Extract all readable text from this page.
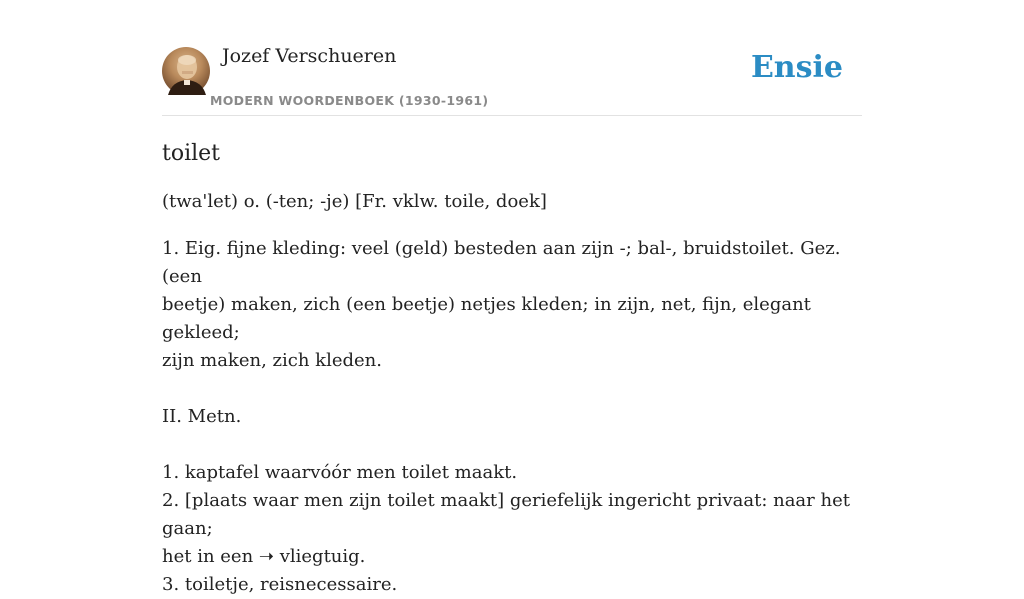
Jozef Verschueren
MODERN WOORDENBOEK (1930-1961)
Ensie
toilet

(twa'let) o. (-ten; -je) [Fr. vklw. toile, doek]

1. Eig. fijne kleding: veel (geld) besteden aan zijn -; bal-, bruidstoilet. Gez. (een

beetje) maken, zich (een beetje) netjes kleden; in zijn, net, fijn, elegant gekleed;

zijn maken, zich kleden.

II. Metn.

1. kaptafel waarvóór men toilet maakt.

2. [plaats waar men zijn toilet maakt] geriefelijk ingericht privaat: naar het gaan;

het in een ➝ vliegtuig.

3. toiletje, reisnecessaire.
